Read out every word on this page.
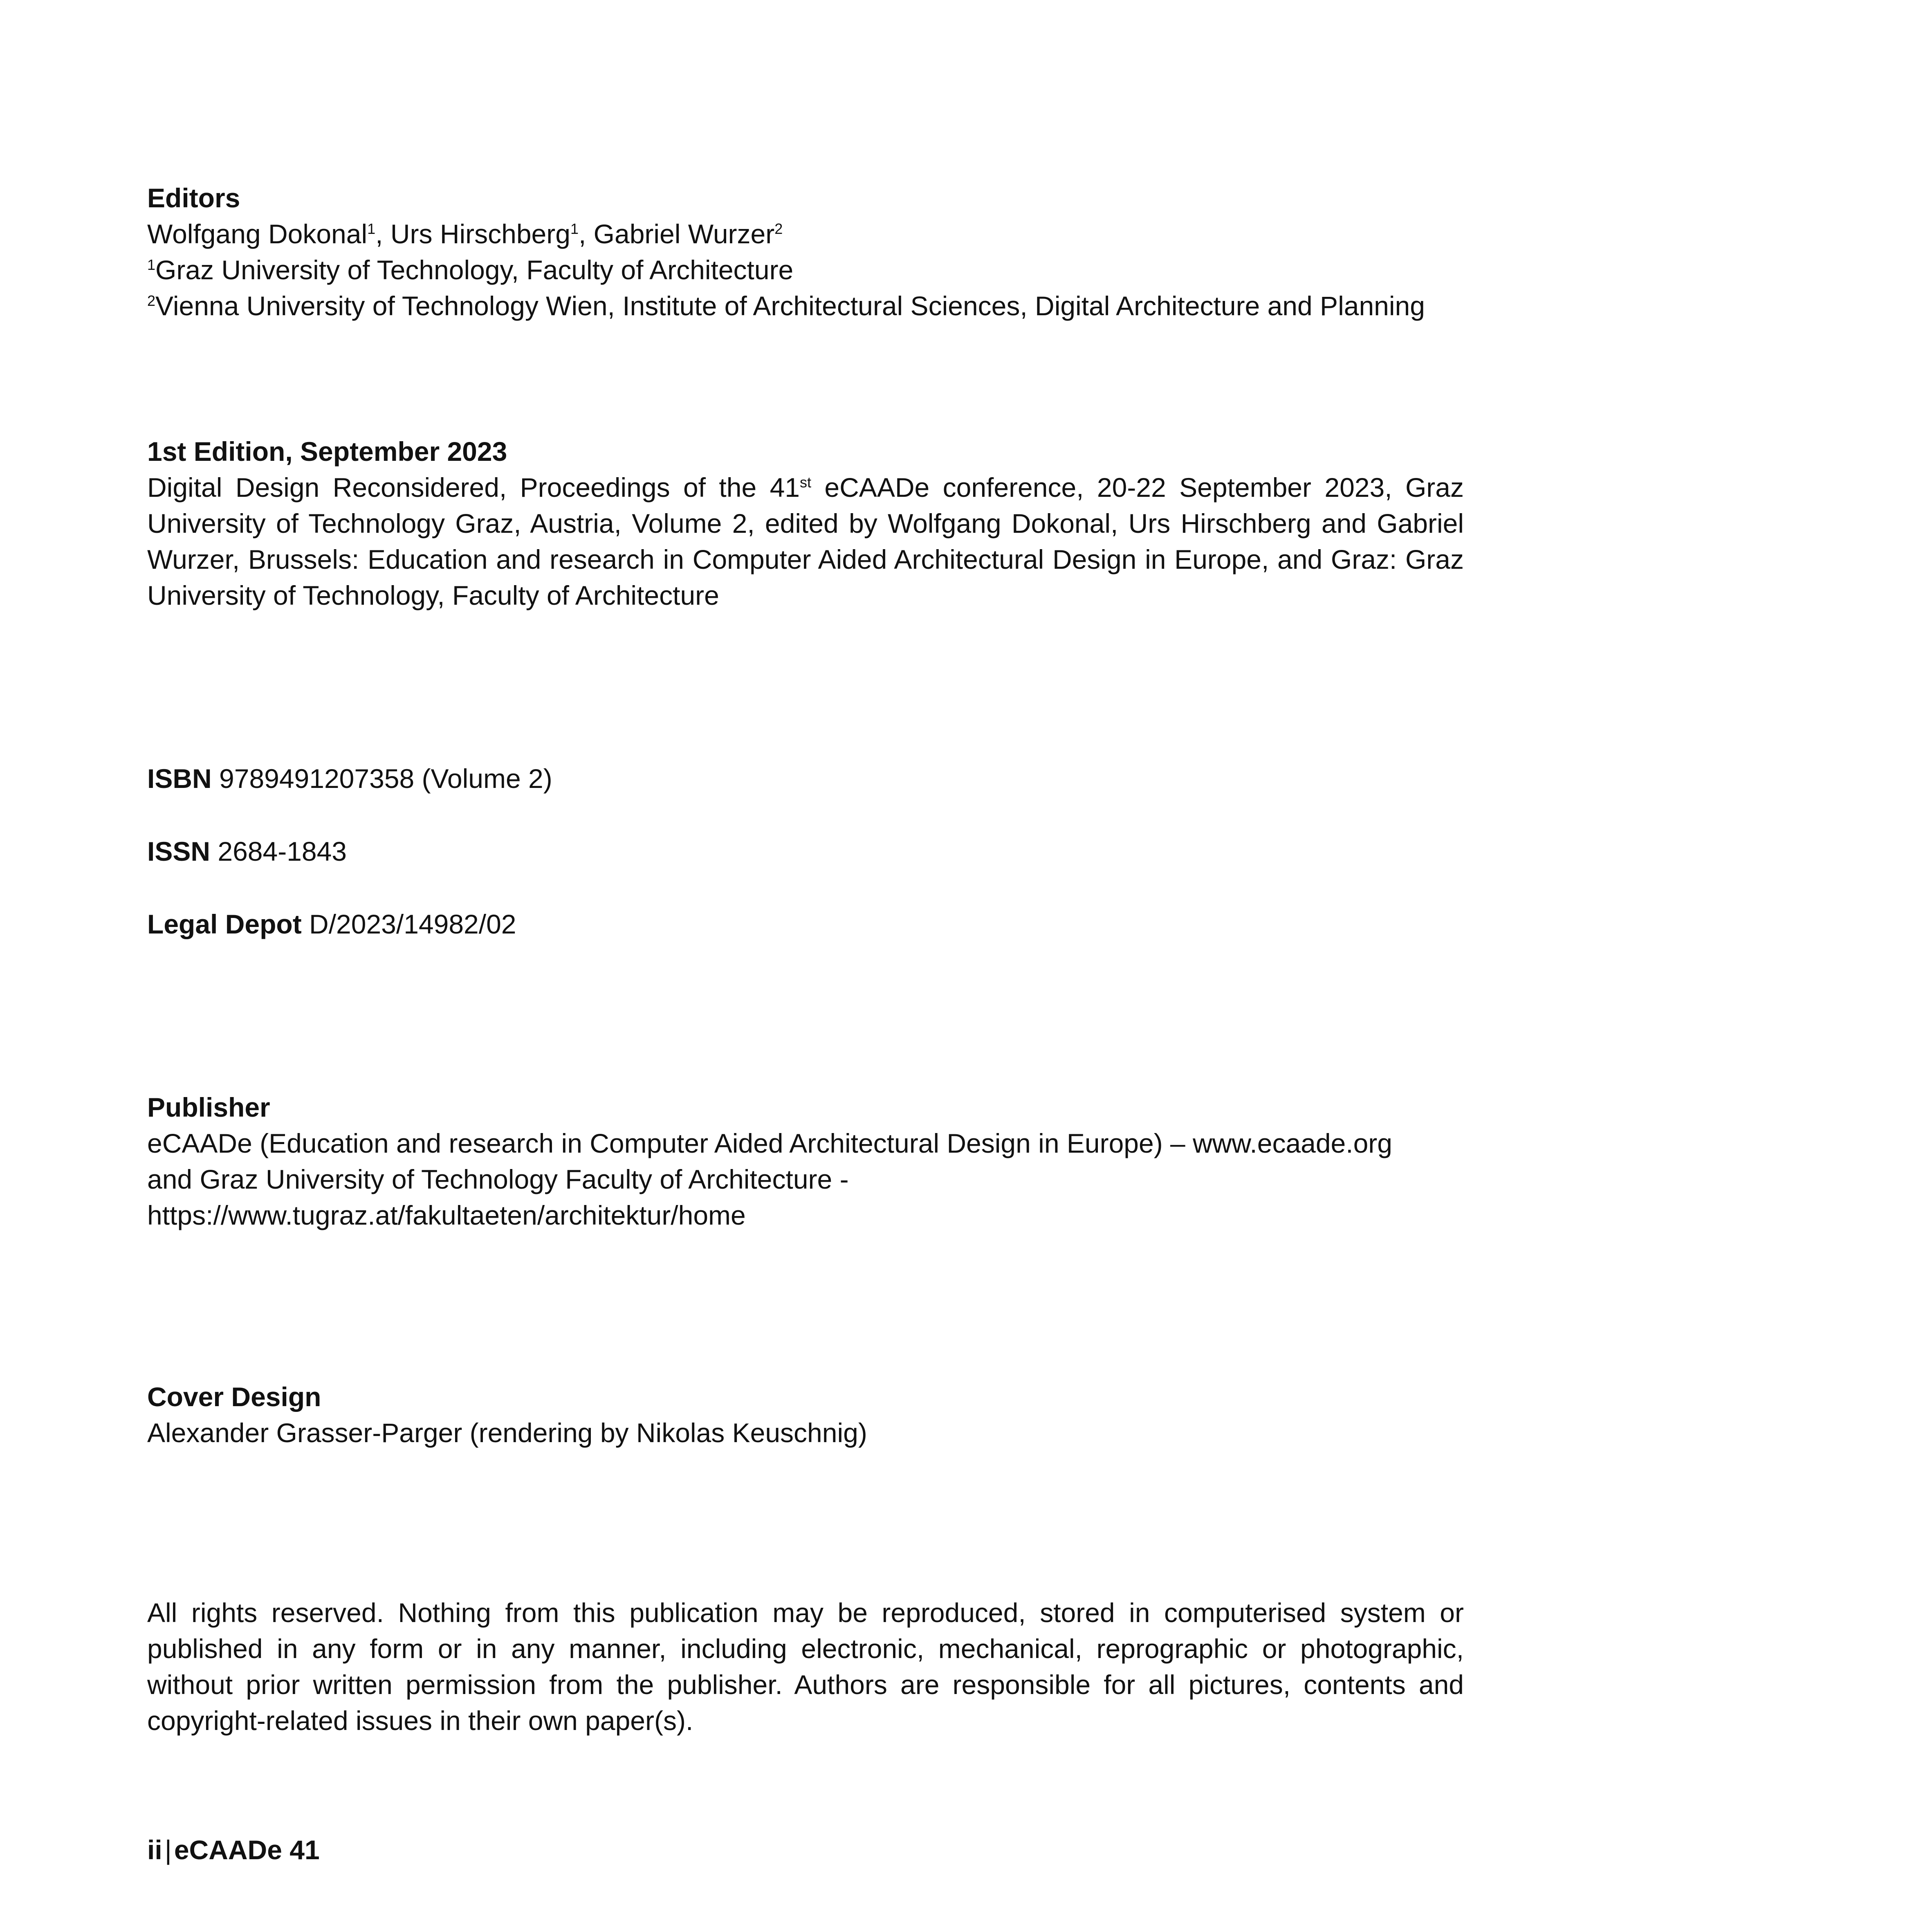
Editors
Wolfgang Dokonal$^1$, Urs Hirschberg$^1$, Gabriel Wurzer$^2$
$^1$Graz University of Technology, Faculty of Architecture
$^2$Vienna University of Technology Wien, Institute of Architectural Sciences, Digital Architecture and Planning
1st Edition, September 2023
Digital Design Reconsidered, Proceedings of the 41st eCAADe conference, 20-22 September 2023, Graz University of Technology Graz, Austria, Volume 2, edited by Wolfgang Dokonal, Urs Hirschberg and Gabriel Wurzer, Brussels: Education and research in Computer Aided Architectural Design in Europe, and Graz: Graz University of Technology, Faculty of Architecture
ISBN 9789491207358 (Volume 2)
ISSN 2684-1843
Legal Depot D/2023/14982/02
Publisher
eCAADe (Education and research in Computer Aided Architectural Design in Europe) – www.ecaade.org
and Graz University of Technology Faculty of Architecture -
https://www.tugraz.at/fakultaeten/architektur/home
Cover Design
Alexander Grasser-Parger (rendering by Nikolas Keuschnig)
All rights reserved. Nothing from this publication may be reproduced, stored in computerised system or published in any form or in any manner, including electronic, mechanical, reprographic or photographic, without prior written permission from the publisher. Authors are responsible for all pictures, contents and copyright-related issues in their own paper(s).
ii|eCAADe 41
